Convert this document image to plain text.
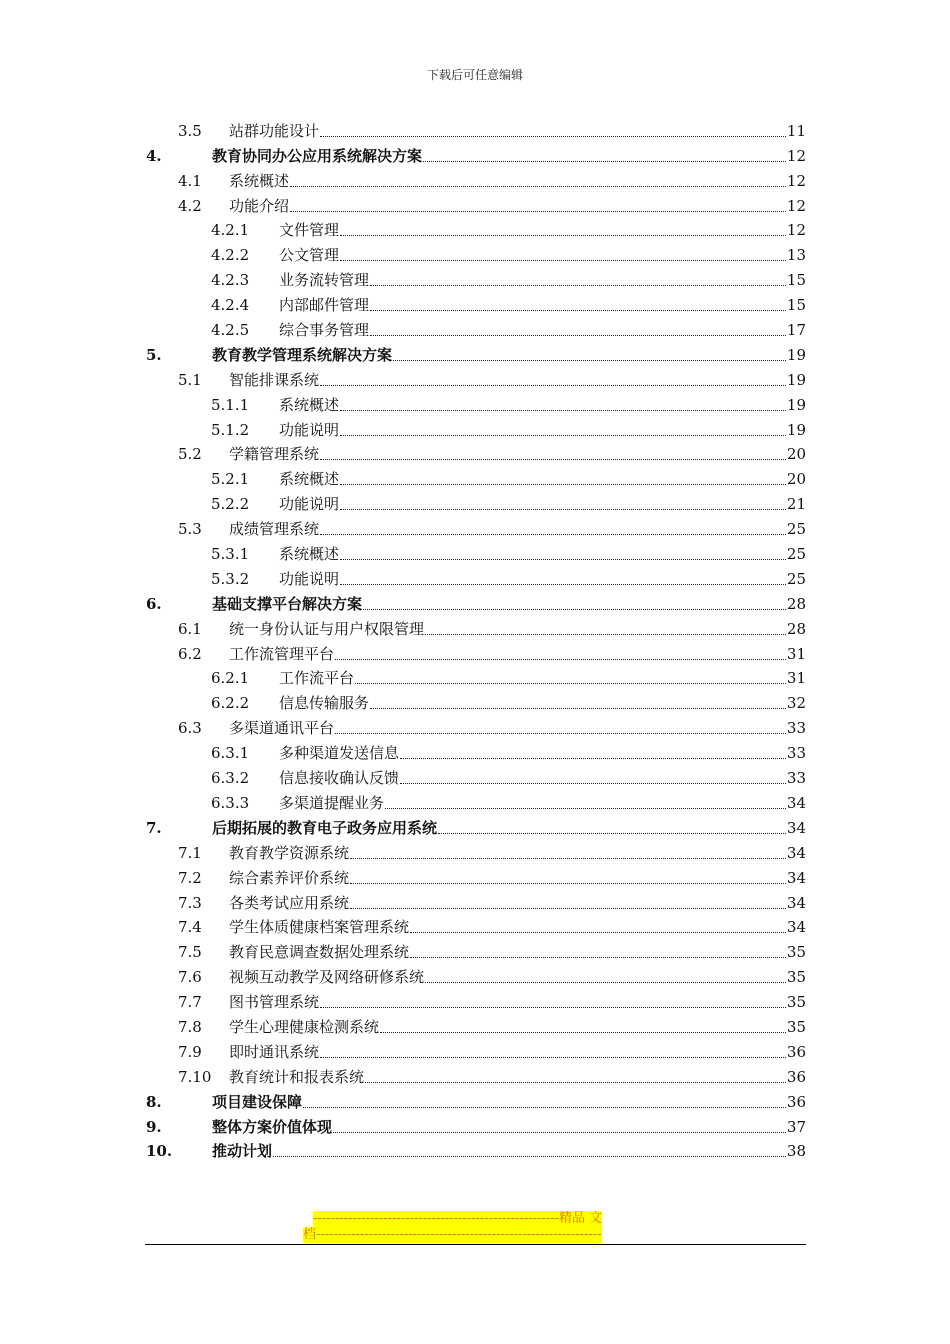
下载后可任意编辑
3.5 站群功能设计	11
4.	教育协同办公应用系统解决方案	12
4.1 系统概述	12
4.2 功能介绍	12
4.2.1 文件管理	12
4.2.2 公文管理	13
4.2.3 业务流转管理	15
4.2.4 内部邮件管理	15
4.2.5 综合事务管理	17
5.	教育教学管理系统解决方案	19
5.1 智能排课系统	19
5.1.1 系统概述	19
5.1.2 功能说明	19
5.2 学籍管理系统	20
5.2.1 系统概述	20
5.2.2 功能说明	21
5.3 成绩管理系统	25
5.3.1 系统概述	25
5.3.2 功能说明	25
6.	基础支撑平台解决方案	28
6.1 统一身份认证与用户权限管理	28
6.2 工作流管理平台	31
6.2.1 工作流平台	31
6.2.2 信息传输服务	32
6.3 多渠道通讯平台	33
6.3.1 多种渠道发送信息	33
6.3.2 信息接收确认反馈	33
6.3.3 多渠道提醒业务	34
7.	后期拓展的教育电子政务应用系统	34
7.1 教育教学资源系统	34
7.2 综合素养评价系统	34
7.3 各类考试应用系统	34
7.4 学生体质健康档案管理系统	34
7.5 教育民意调查数据处理系统	35
7.6 视频互动教学及网络研修系统	35
7.7 图书管理系统	35
7.8 学生心理健康检测系统	35
7.9 即时通讯系统	36
7.10 教育统计和报表系统	36
8.	项目建设保障	36
9.	整体方案价值体现	37
10.	推动计划	38
--------------------------------------------------------精品 文
档-----------------------------------------------------------------
